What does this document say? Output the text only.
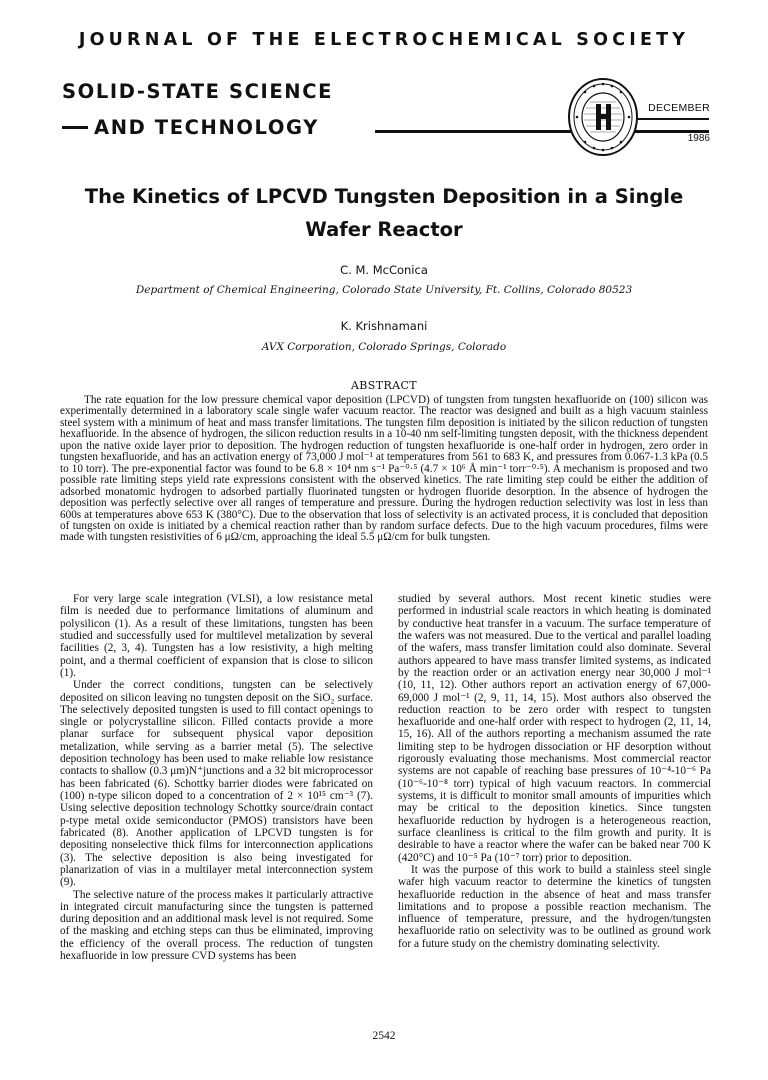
JOURNAL OF THE ELECTROCHEMICAL SOCIETY
SOLID-STATE SCIENCE
AND TECHNOLOGY
DECEMBER
1986
The Kinetics of LPCVD Tungsten Deposition in a Single Wafer Reactor
C. M. McConica
Department of Chemical Engineering, Colorado State University, Ft. Collins, Colorado 80523
K. Krishnamani
AVX Corporation, Colorado Springs, Colorado
ABSTRACT

The rate equation for the low pressure chemical vapor deposition (LPCVD) of tungsten from tungsten hexafluoride on (100) silicon was experimentally determined in a laboratory scale single wafer vacuum reactor. The reactor was designed and built as a high vacuum stainless steel system with a minimum of heat and mass transfer limitations. The tungsten film deposition is initiated by the silicon reduction of tungsten hexafluoride. In the absence of hydrogen, the silicon reduction results in a 10-40 nm self-limiting tungsten deposit, with the thickness dependent upon the native oxide layer prior to deposition. The hydrogen reduction of tungsten hexafluoride is one-half order in hydrogen, zero order in tungsten hexafluoride, and has an activation energy of 73,000 J mol⁻¹ at temperatures from 561 to 683 K, and pressures from 0.067-1.3 kPa (0.5 to 10 torr). The pre-exponential factor was found to be 6.8 × 10⁴ nm s⁻¹ Pa⁻⁰·⁵ (4.7 × 10⁶ Å min⁻¹ torr⁻⁰·⁵). A mechanism is proposed and two possible rate limiting steps yield rate expressions consistent with the observed kinetics. The rate limiting step could be either the addition of adsorbed monatomic hydrogen to adsorbed partially fluorinated tungsten or hydrogen fluoride desorption. In the absence of hydrogen the deposition was perfectly selective over all ranges of temperature and pressure. During the hydrogen reduction selectivity was lost in less than 600s at temperatures above 653 K (380°C). Due to the observation that loss of selectivity is an activated process, it is concluded that deposition of tungsten on oxide is initiated by a chemical reaction rather than by random surface defects. Due to the high vacuum procedures, films were made with tungsten resistivities of 6 μΩ/cm, approaching the ideal 5.5 μΩ/cm for bulk tungsten.

For very large scale integration (VLSI), a low resistance metal film is needed due to performance limitations of aluminum and polysilicon (1). As a result of these limitations, tungsten has been studied and successfully used for multilevel metalization by several facilities (2, 3, 4). Tungsten has a low resistivity, a high melting point, and a thermal coefficient of expansion that is close to silicon (1).

Under the correct conditions, tungsten can be selectively deposited on silicon leaving no tungsten deposit on the SiO₂ surface. The selectively deposited tungsten is used to fill contact openings to single or polycrystalline silicon. Filled contacts provide a more planar surface for subsequent physical vapor deposition metalization, while serving as a barrier metal (5). The selective deposition technology has been used to make reliable low resistance contacts to shallow (0.3 μm)N⁺junctions and a 32 bit microprocessor has been fabricated (6). Schottky barrier diodes were fabricated on (100) n-type silicon doped to a concentration of 2 × 10¹⁵ cm⁻³ (7). Using selective deposition technology Schottky source/drain contact p-type metal oxide semiconductor (PMOS) transistors have been fabricated (8). Another application of LPCVD tungsten is for depositing nonselective thick films for interconnection applications (3). The selective deposition is also being investigated for planarization of vias in a multilayer metal interconnection system (9).

The selective nature of the process makes it particularly attractive in integrated circuit manufacturing since the tungsten is patterned during deposition and an additional mask level is not required. Some of the masking and etching steps can thus be eliminated, improving the efficiency of the overall process. The reduction of tungsten hexafluoride in low pressure CVD systems has been

studied by several authors. Most recent kinetic studies were performed in industrial scale reactors in which heating is dominated by conductive heat transfer in a vacuum. The surface temperature of the wafers was not measured. Due to the vertical and parallel loading of the wafers, mass transfer limitation could also dominate. Several authors appeared to have mass transfer limited systems, as indicated by the reaction order or an activation energy near 30,000 J mol⁻¹ (10, 11, 12). Other authors report an activation energy of 67,000-69,000 J mol⁻¹ (2, 9, 11, 14, 15). Most authors also observed the reduction reaction to be zero order with respect to tungsten hexafluoride and one-half order with respect to hydrogen (2, 11, 14, 15, 16). All of the authors reporting a mechanism assumed the rate limiting step to be hydrogen dissociation or HF desorption without rigorously evaluating those mechanisms. Most commercial reactor systems are not capable of reaching base pressures of 10⁻⁴-10⁻⁶ Pa (10⁻⁶-10⁻⁸ torr) typical of high vacuum reactors. In commercial systems, it is difficult to monitor small amounts of impurities which may be critical to the deposition kinetics. Since tungsten hexafluoride reduction by hydrogen is a heterogeneous reaction, surface cleanliness is critical to the film growth and purity. It is desirable to have a reactor where the wafer can be baked near 700 K (420°C) and 10⁻⁵ Pa (10⁻⁷ torr) prior to deposition.

It was the purpose of this work to build a stainless steel single wafer high vacuum reactor to determine the kinetics of tungsten hexafluoride reduction in the absence of heat and mass transfer limitations and to propose a possible reaction mechanism. The influence of temperature, pressure, and the hydrogen/tungsten hexafluoride ratio on selectivity was to be outlined as ground work for a future study on the chemistry dominating selectivity.

2542
